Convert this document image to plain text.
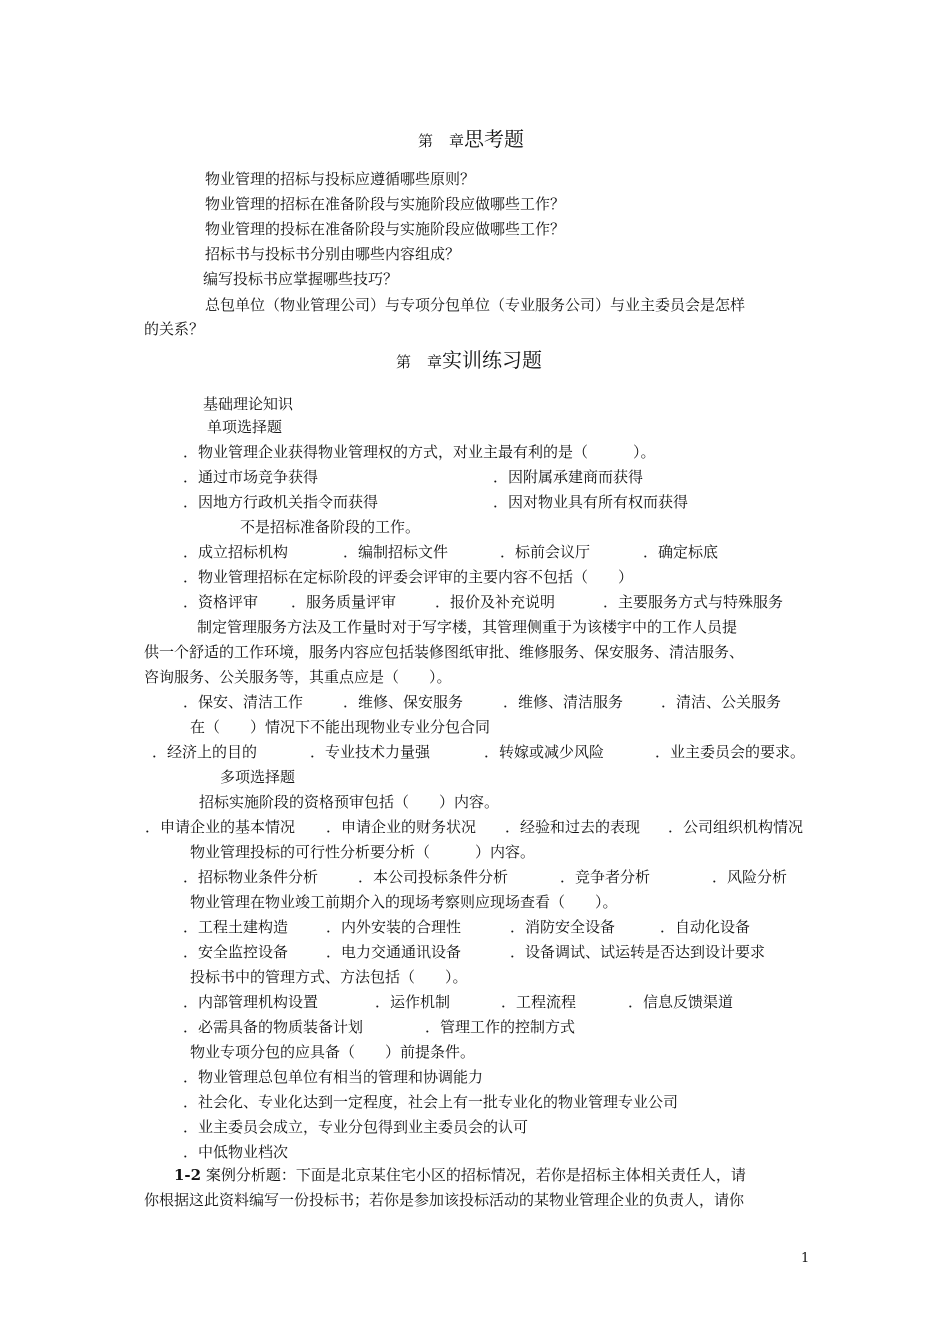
第 章思考题
物业管理的招标与投标应遵循哪些原则？
物业管理的招标在准备阶段与实施阶段应做哪些工作？
物业管理的投标在准备阶段与实施阶段应做哪些工作？
招标书与投标书分别由哪些内容组成？
编写投标书应掌握哪些技巧？
总包单位（物业管理公司）与专项分包单位（专业服务公司）与业主委员会是怎样
的关系？
第 章实训练习题
基础理论知识
单项选择题
．物业管理企业获得物业管理权的方式，对业主最有利的是（　　　）。
．通过市场竞争获得	．因附属承建商而获得
．因地方行政机关指令而获得	．因对物业具有所有权而获得
不是招标准备阶段的工作。
．成立招标机构	．编制招标文件	．标前会议厅	．确定标底
．物业管理招标在定标阶段的评委会评审的主要内容不包括（　　）
．资格评审 ．服务质量评审	．报价及补充说明	．主要服务方式与特殊服务
制定管理服务方法及工作量时对于写字楼，其管理侧重于为该楼宇中的工作人员提
供一个舒适的工作环境，服务内容应包括装修图纸审批、维修服务、保安服务、清洁服务、
咨询服务、公关服务等，其重点应是（　　）。
．保安、清洁工作	．维修、保安服务	．维修、清洁服务	．清洁、公关服务
在（　　）情况下不能出现物业专业分包合同
．经济上的目的	．专业技术力量强	．转嫁或减少风险	．业主委员会的要求。
多项选择题
招标实施阶段的资格预审包括（　　）内容。
．申请企业的基本情况 ．申请企业的财务状况 ．经验和过去的表现 ．公司组织机构情况
物业管理投标的可行性分析要分析（　　　）内容。
．招标物业条件分析	．本公司投标条件分析	．竞争者分析	．风险分析
物业管理在物业竣工前期介入的现场考察则应现场查看（　　）。
．工程土建构造	．内外安装的合理性	．消防安全设备	．自动化设备
．安全监控设备	．电力交通通讯设备	．设备调试、试运转是否达到设计要求
投标书中的管理方式、方法包括（　　）。
．内部管理机构设置	．运作机制	．工程流程	．信息反馈渠道
．必需具备的物质装备计划	．管理工作的控制方式
物业专项分包的应具备（　　）前提条件。
．物业管理总包单位有相当的管理和协调能力
．社会化、专业化达到一定程度，社会上有一批专业化的物业管理专业公司
．业主委员会成立，专业分包得到业主委员会的认可
．中低物业档次
1-2 案例分析题：下面是北京某住宅小区的招标情况，若你是招标主体相关责任人，请
你根据这此资料编写一份投标书；若你是参加该投标活动的某物业管理企业的负责人，请你
1
